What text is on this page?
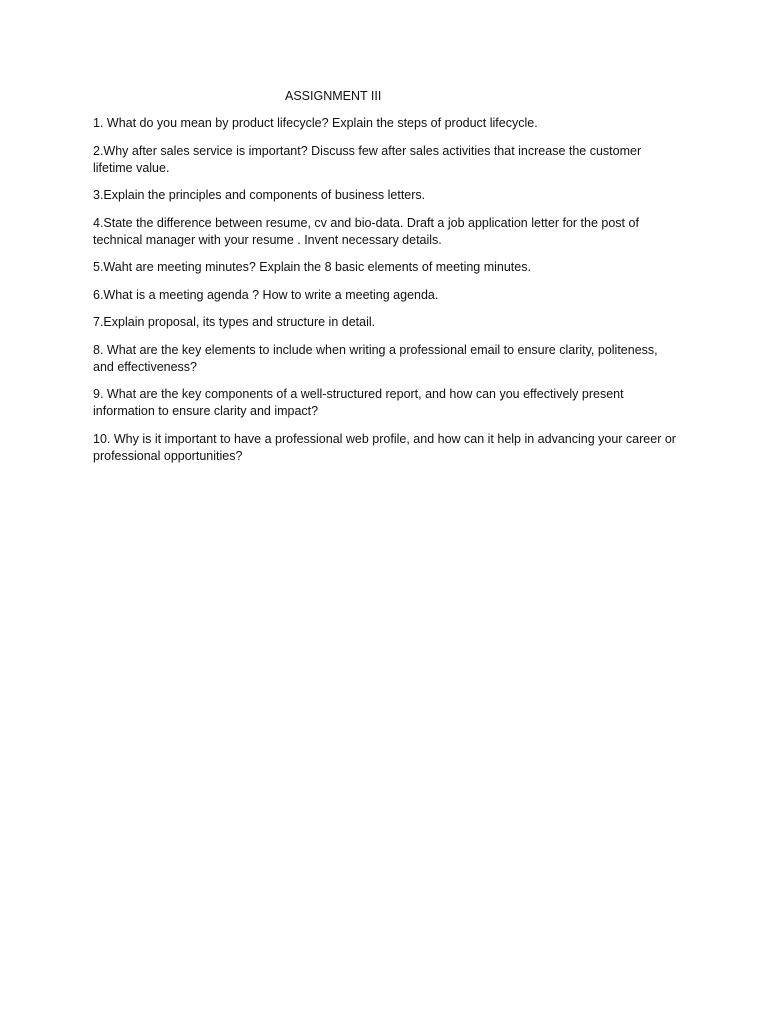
ASSIGNMENT III
1. What do you mean by product lifecycle? Explain the steps of product lifecycle.
2.Why after sales service is important? Discuss few after sales activities that increase the customer lifetime value.
3.Explain the principles and components of business letters.
4.State the difference between resume, cv and bio-data. Draft a job application letter for the post of technical manager with your resume . Invent necessary details.
5.Waht are meeting minutes? Explain the 8 basic elements of meeting minutes.
6.What is a meeting agenda ? How to write a meeting agenda.
7.Explain proposal, its types and structure in detail.
8. What are the key elements to include when writing a professional email to ensure clarity, politeness, and effectiveness?
9. What are the key components of a well-structured report, and how can you effectively present information to ensure clarity and impact?
10. Why is it important to have a professional web profile, and how can it help in advancing your career or professional opportunities?
